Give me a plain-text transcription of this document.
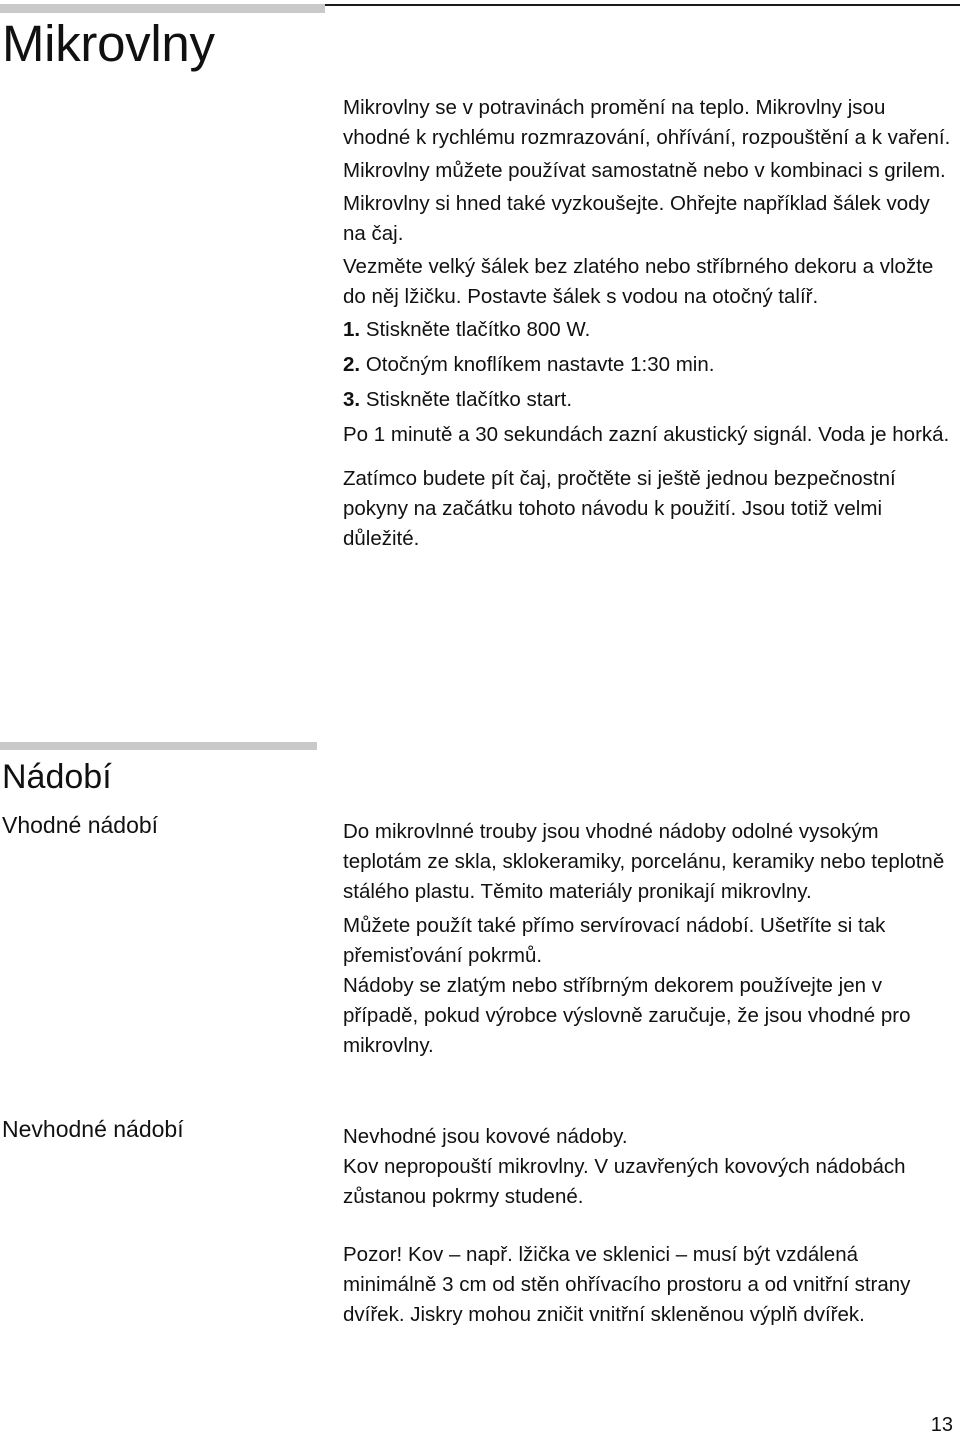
Mikrovlny

Mikrovlny se v potravinách promění na teplo. Mikrovlny jsou vhodné k rychlému rozmrazování, ohřívání, rozpouštění a k vaření.

Mikrovlny můžete používat samostatně nebo v kombinaci s grilem.

Mikrovlny si hned také vyzkoušejte. Ohřejte například šálek vody na čaj.

Vezměte velký šálek bez zlatého nebo stříbrného dekoru a vložte do něj lžičku. Postavte šálek s vodou na otočný talíř.

1. Stiskněte tlačítko 800 W.

2. Otočným knoflíkem nastavte 1:30 min.

3. Stiskněte tlačítko start.

Po 1 minutě a 30 sekundách zazní akustický signál. Voda je horká.

Zatímco budete pít čaj, pročtěte si ještě jednou bezpečnostní pokyny na začátku tohoto návodu k použití. Jsou totiž velmi důležité.

Nádobí
Vhodné nádobí	Do mikrovlnné trouby jsou vhodné nádoby odolné vysokým teplotám ze skla, sklokeramiky, porcelánu, keramiky nebo teplotně stálého plastu. Těmito materiály pronikají mikrovlny.

Můžete použít také přímo servírovací nádobí. Ušetříte si tak přemisťování pokrmů.

Nádoby se zlatým nebo stříbrným dekorem používejte jen v případě, pokud výrobce výslovně zaručuje, že jsou vhodné pro mikrovlny.

Nevhodné nádobí	Nevhodné jsou kovové nádoby.

Kov nepropouští mikrovlny. V uzavřených kovových nádobách zůstanou pokrmy studené.

Pozor! Kov – např. lžička ve sklenici – musí být vzdálená minimálně 3 cm od stěn ohřívacího prostoru a od vnitřní strany dvířek. Jiskry mohou zničit vnitřní skleněnou výplň dvířek.

13
